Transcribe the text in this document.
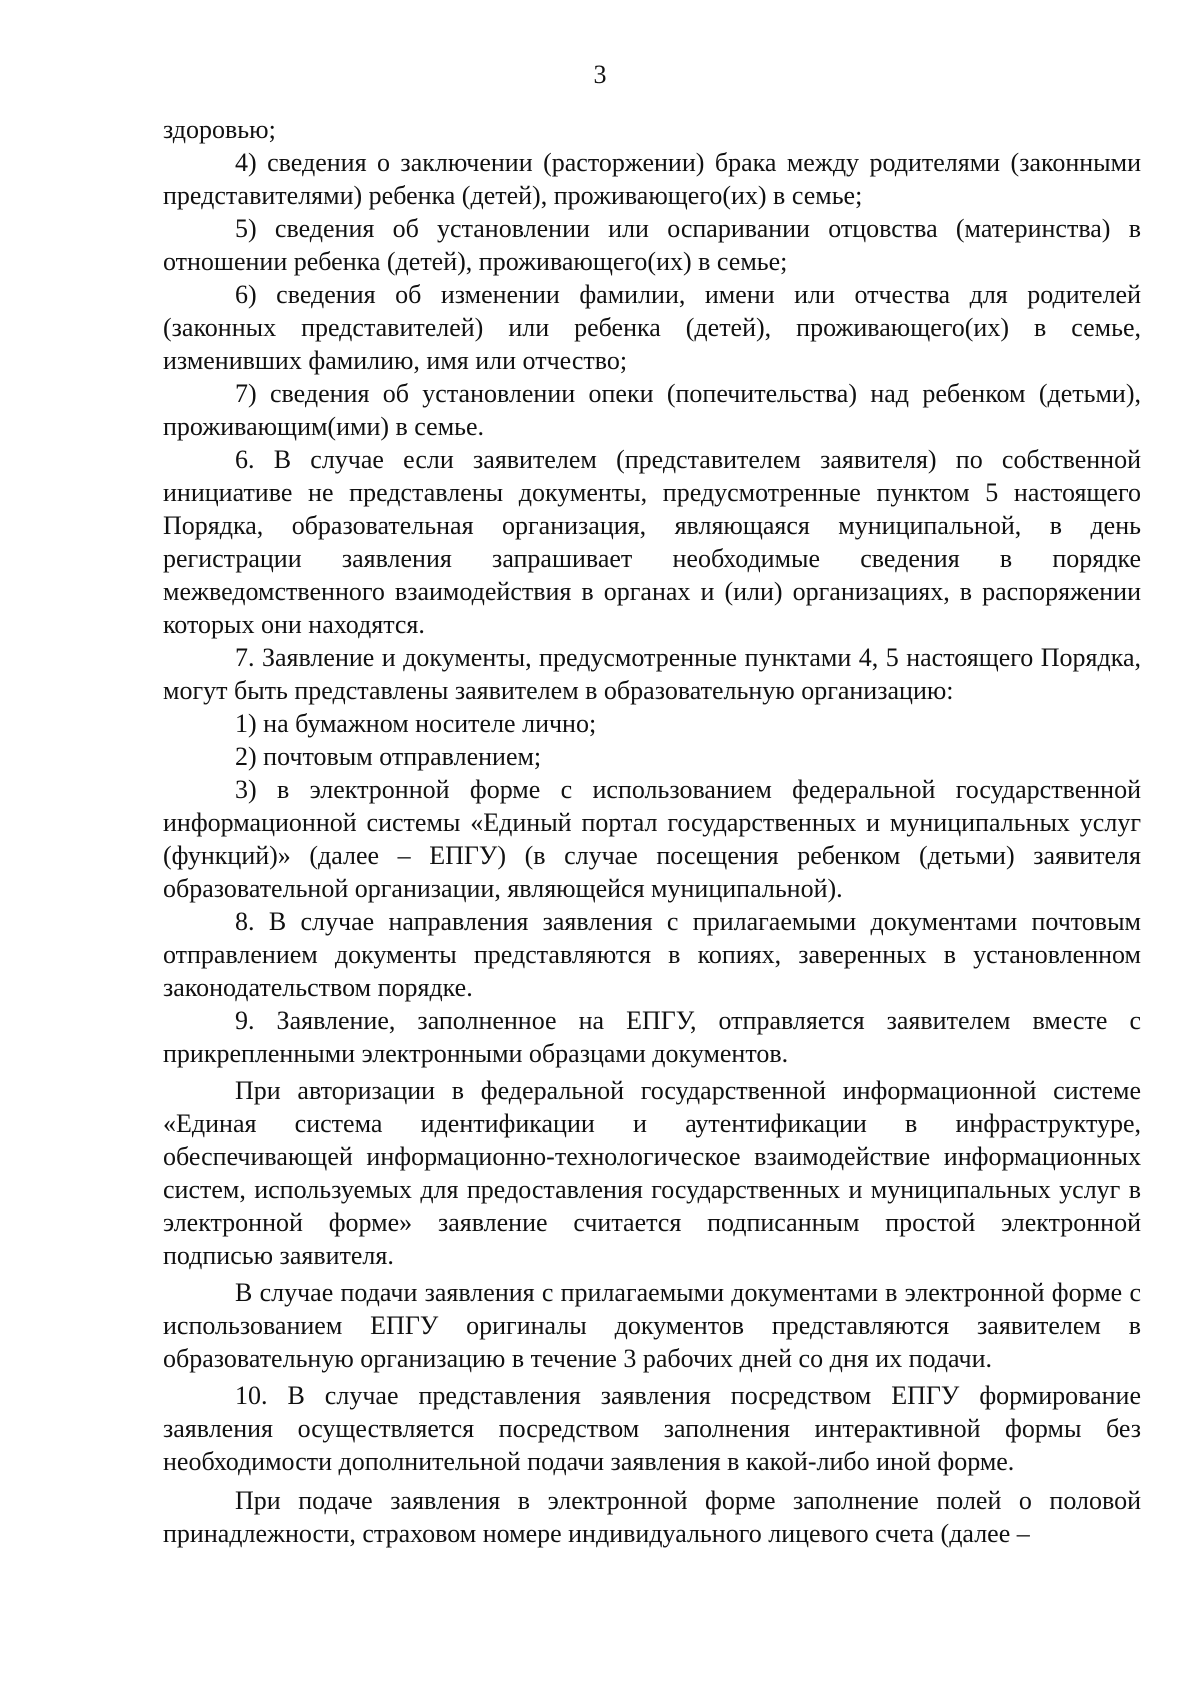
3

здоровью;

4) сведения о заключении (расторжении) брака между родителями (законными представителями) ребенка (детей), проживающего(их) в семье;

5) сведения об установлении или оспаривании отцовства (материнства) в отношении ребенка (детей), проживающего(их) в семье;

6) сведения об изменении фамилии, имени или отчества для родителей (законных представителей) или ребенка (детей), проживающего(их) в семье, изменивших фамилию, имя или отчество;

7) сведения об установлении опеки (попечительства) над ребенком (детьми), проживающим(ими) в семье.

6. В случае если заявителем (представителем заявителя) по собственной инициативе не представлены документы, предусмотренные пунктом 5 настоящего Порядка, образовательная организация, являющаяся муниципальной, в день регистрации заявления запрашивает необходимые сведения в порядке межведомственного взаимодействия в органах и (или) организациях, в распоряжении которых они находятся.

7. Заявление и документы, предусмотренные пунктами 4, 5 настоящего Порядка, могут быть представлены заявителем в образовательную организацию:

1) на бумажном носителе лично;

2) почтовым отправлением;

3) в электронной форме с использованием федеральной государственной информационной системы «Единый портал государственных и муниципальных услуг (функций)» (далее – ЕПГУ) (в случае посещения ребенком (детьми) заявителя образовательной организации, являющейся муниципальной).

8. В случае направления заявления с прилагаемыми документами почтовым отправлением документы представляются в копиях, заверенных в установленном законодательством порядке.

9. Заявление, заполненное на ЕПГУ, отправляется заявителем вместе с прикрепленными электронными образцами документов.

При авторизации в федеральной государственной информационной системе «Единая система идентификации и аутентификации в инфраструктуре, обеспечивающей информационно-технологическое взаимодействие информационных систем, используемых для предоставления государственных и муниципальных услуг в электронной форме» заявление считается подписанным простой электронной подписью заявителя.

В случае подачи заявления с прилагаемыми документами в электронной форме с использованием ЕПГУ оригиналы документов представляются заявителем в образовательную организацию в течение 3 рабочих дней со дня их подачи.

10. В случае представления заявления посредством ЕПГУ формирование заявления осуществляется посредством заполнения интерактивной формы без необходимости дополнительной подачи заявления в какой-либо иной форме.

При подаче заявления в электронной форме заполнение полей о половой принадлежности, страховом номере индивидуального лицевого счета (далее –
